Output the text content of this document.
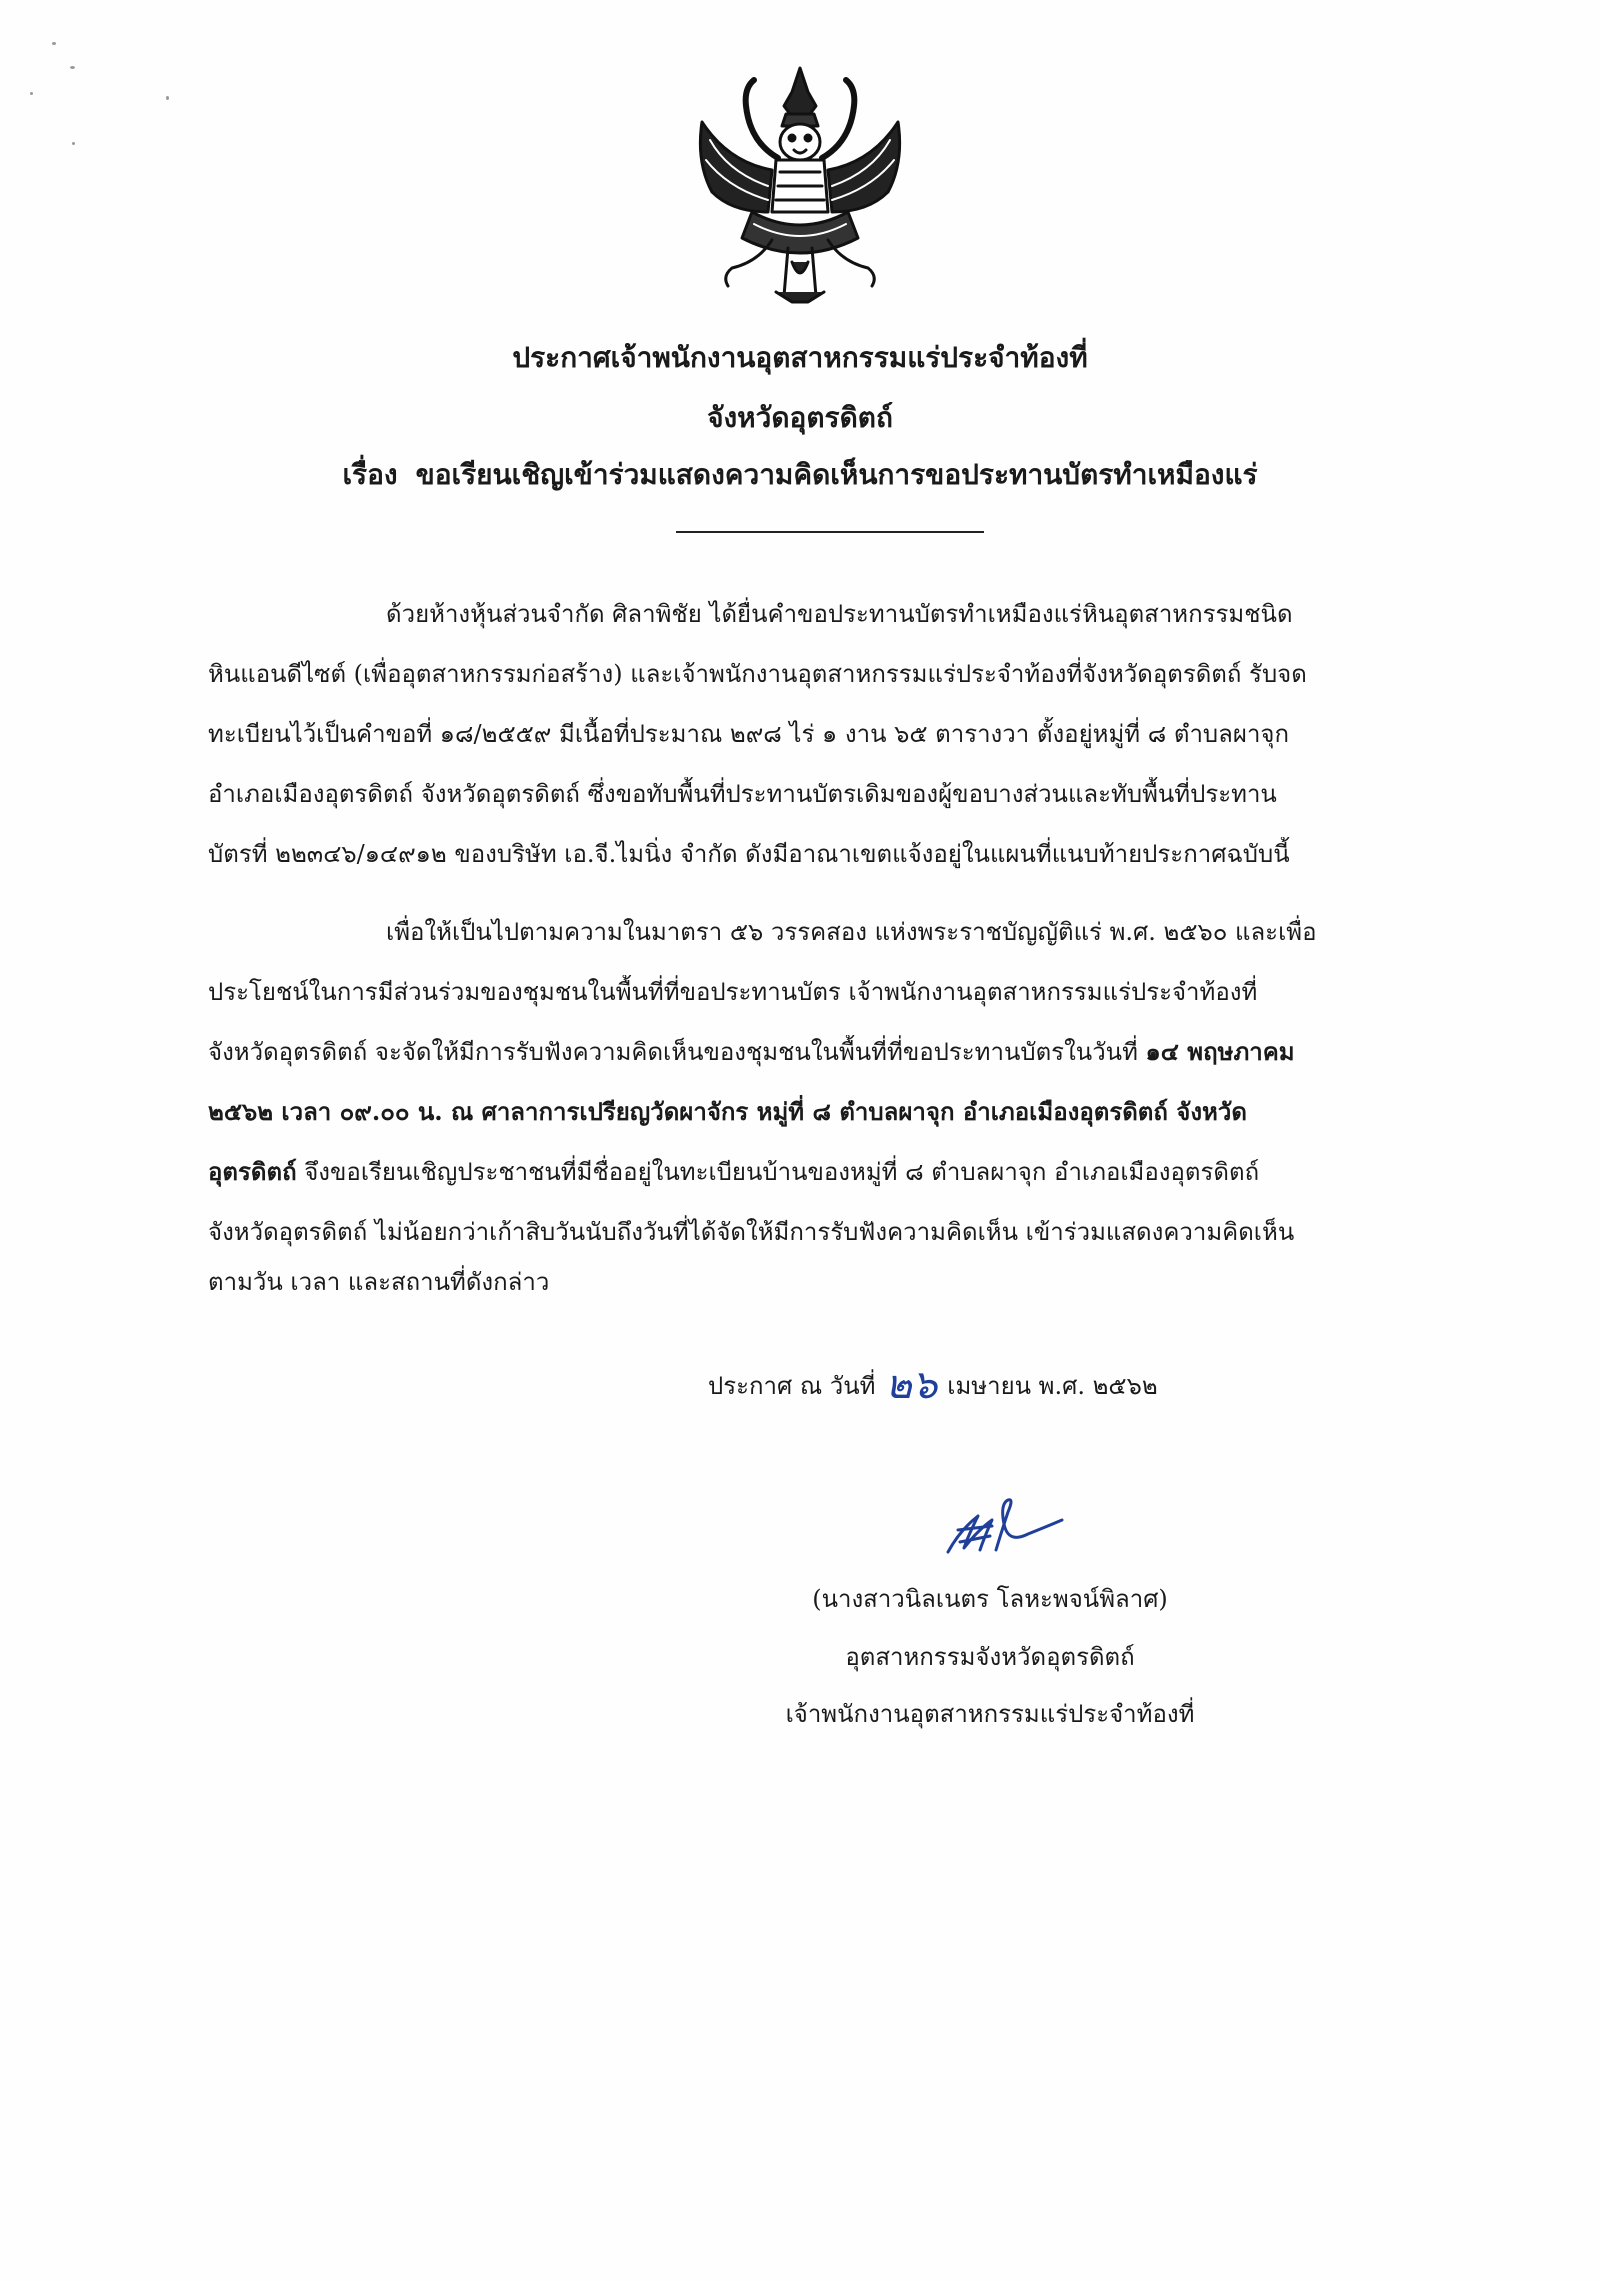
ประกาศเจ้าพนักงานอุตสาหกรรมแร่ประจำท้องที่
จังหวัดอุตรดิตถ์
เรื่อง ขอเรียนเชิญเข้าร่วมแสดงความคิดเห็นการขอประทานบัตรทำเหมืองแร่
ด้วยห้างหุ้นส่วนจำกัด ศิลาพิชัย ได้ยื่นคำขอประทานบัตรทำเหมืองแร่หินอุตสาหกรรมชนิด
หินแอนดีไซต์ (เพื่ออุตสาหกรรมก่อสร้าง) และเจ้าพนักงานอุตสาหกรรมแร่ประจำท้องที่จังหวัดอุตรดิตถ์ รับจด
ทะเบียนไว้เป็นคำขอที่ ๑๘/๒๕๕๙ มีเนื้อที่ประมาณ ๒๙๘ ไร่ ๑ งาน ๖๕ ตารางวา ตั้งอยู่หมู่ที่ ๘ ตำบลผาจุก
อำเภอเมืองอุตรดิตถ์ จังหวัดอุตรดิตถ์ ซึ่งขอทับพื้นที่ประทานบัตรเดิมของผู้ขอบางส่วนและทับพื้นที่ประทาน
บัตรที่ ๒๒๓๔๖/๑๔๙๑๒ ของบริษัท เอ.จี.ไมนิ่ง จำกัด ดังมีอาณาเขตแจ้งอยู่ในแผนที่แนบท้ายประกาศฉบับนี้
เพื่อให้เป็นไปตามความในมาตรา ๕๖ วรรคสอง แห่งพระราชบัญญัติแร่ พ.ศ. ๒๕๖๐ และเพื่อ
ประโยชน์ในการมีส่วนร่วมของชุมชนในพื้นที่ที่ขอประทานบัตร เจ้าพนักงานอุตสาหกรรมแร่ประจำท้องที่
จังหวัดอุตรดิตถ์ จะจัดให้มีการรับฟังความคิดเห็นของชุมชนในพื้นที่ที่ขอประทานบัตรในวันที่ ๑๔ พฤษภาคม
๒๕๖๒ เวลา ๐๙.๐๐ น. ณ ศาลาการเปรียญวัดผาจักร หมู่ที่ ๘ ตำบลผาจุก อำเภอเมืองอุตรดิตถ์ จังหวัด
อุตรดิตถ์ จึงขอเรียนเชิญประชาชนที่มีชื่ออยู่ในทะเบียนบ้านของหมู่ที่ ๘ ตำบลผาจุก อำเภอเมืองอุตรดิตถ์
จังหวัดอุตรดิตถ์ ไม่น้อยกว่าเก้าสิบวันนับถึงวันที่ได้จัดให้มีการรับฟังความคิดเห็น เข้าร่วมแสดงความคิดเห็น
ตามวัน เวลา และสถานที่ดังกล่าว
ประกาศ ณ วันที่ ๒๖ เมษายน พ.ศ. ๒๕๖๒
(นางสาวนิลเนตร โลหะพจน์พิลาศ)
อุตสาหกรรมจังหวัดอุตรดิตถ์
เจ้าพนักงานอุตสาหกรรมแร่ประจำท้องที่
